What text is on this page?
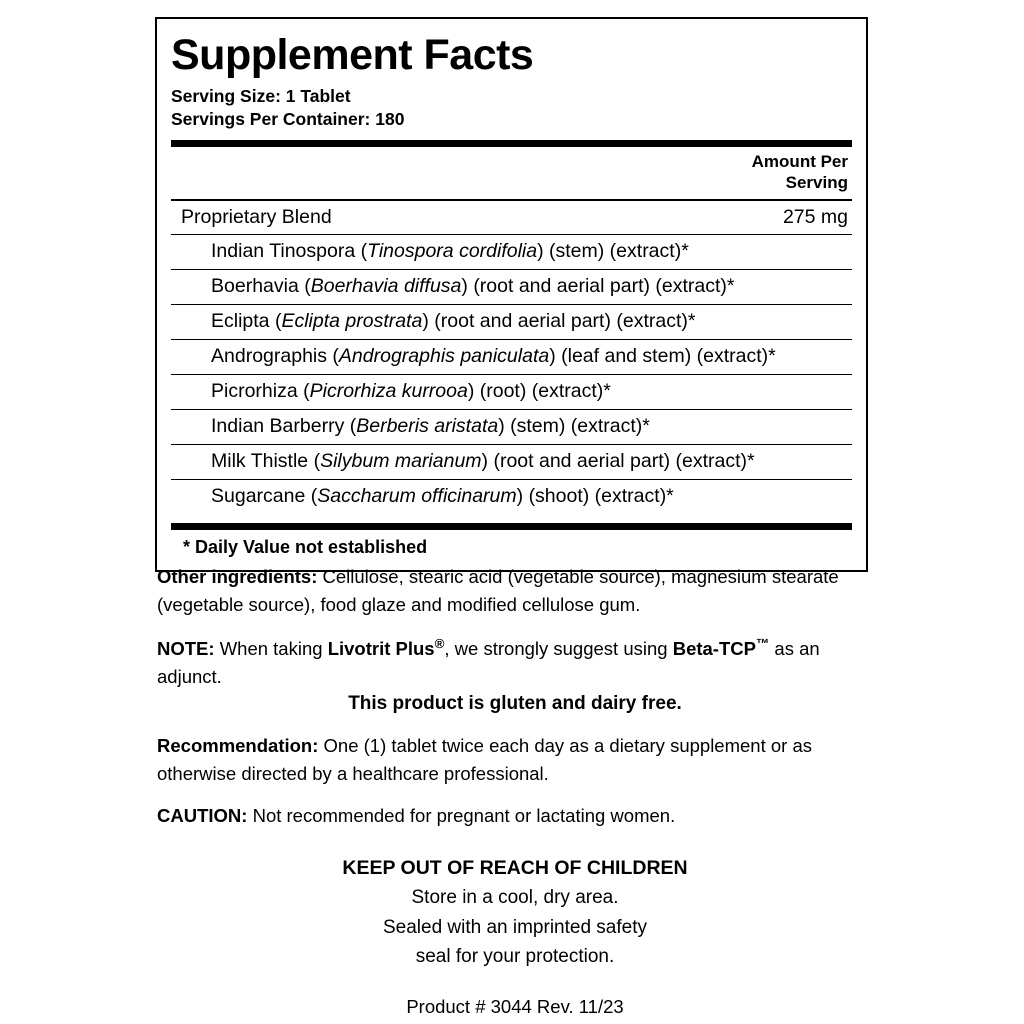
Supplement Facts
Serving Size: 1 Tablet
Servings Per Container: 180
Amount Per
Serving
Proprietary Blend	275 mg
Indian Tinospora (Tinospora cordifolia) (stem) (extract)*
Boerhavia (Boerhavia diffusa) (root and aerial part) (extract)*
Eclipta (Eclipta prostrata) (root and aerial part) (extract)*
Andrographis (Andrographis paniculata) (leaf and stem) (extract)*
Picrorhiza (Picrorhiza kurrooa) (root) (extract)*
Indian Barberry (Berberis aristata) (stem) (extract)*
Milk Thistle (Silybum marianum) (root and aerial part) (extract)*
Sugarcane (Saccharum officinarum) (shoot) (extract)*
* Daily Value not established
Other ingredients: Cellulose, stearic acid (vegetable source), magnesium stearate (vegetable source), food glaze and modified cellulose gum.
NOTE: When taking Livotrit Plus®, we strongly suggest using Beta-TCP™ as an adjunct.
This product is gluten and dairy free.
Recommendation: One (1) tablet twice each day as a dietary supplement or as otherwise directed by a healthcare professional.
CAUTION: Not recommended for pregnant or lactating women.
KEEP OUT OF REACH OF CHILDREN
Store in a cool, dry area.
Sealed with an imprinted safety
seal for your protection.
Product # 3044 Rev. 11/23
